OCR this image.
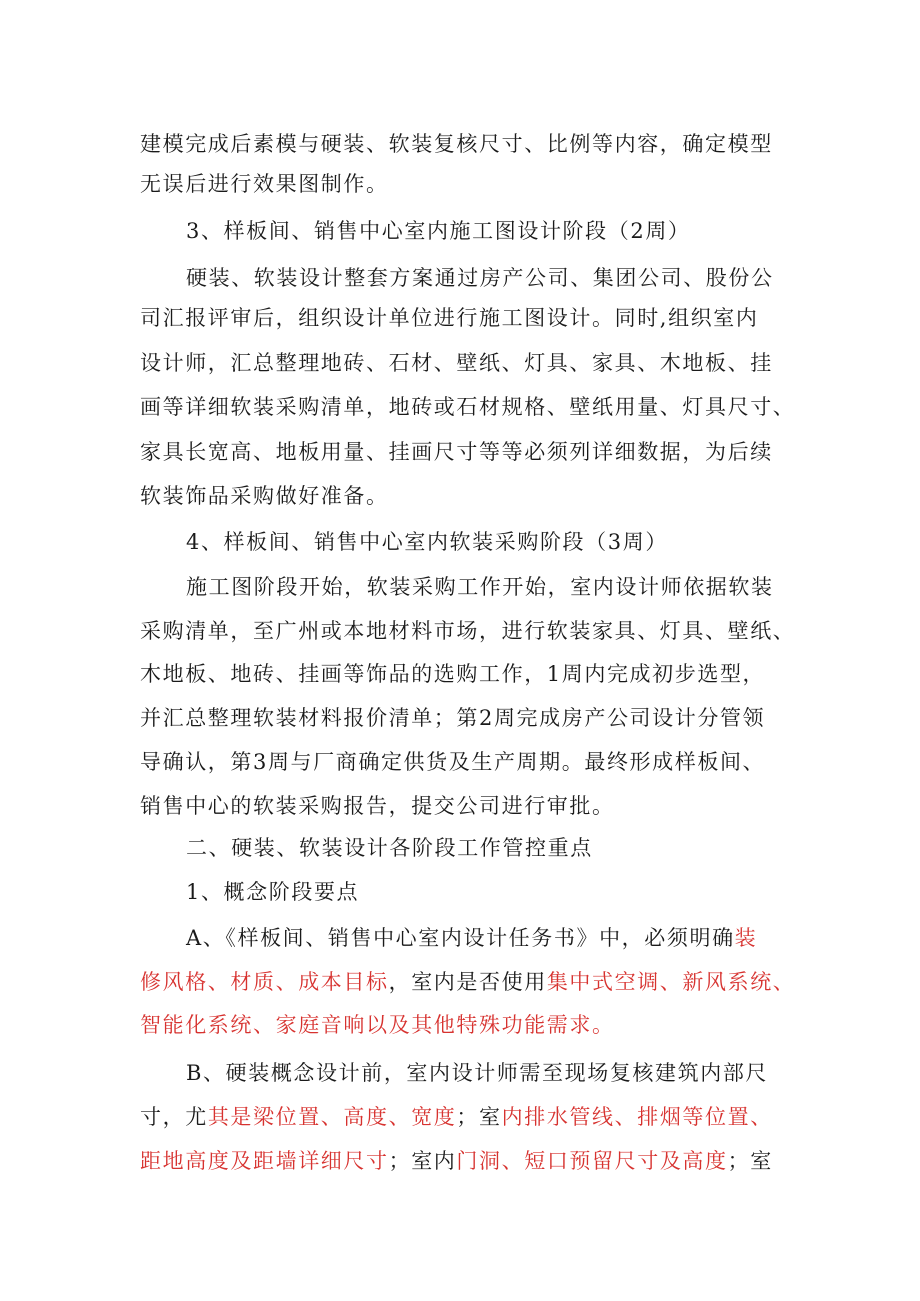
建模完成后素模与硬装、软装复核尺寸、比例等内容，确定模型
无误后进行效果图制作。
3、样板间、销售中心室内施工图设计阶段（2周）
硬装、软装设计整套方案通过房产公司、集团公司、股份公
司汇报评审后，组织设计单位进行施工图设计。同时,组织室内
设计师，汇总整理地砖、石材、壁纸、灯具、家具、木地板、挂
画等详细软装采购清单，地砖或石材规格、壁纸用量、灯具尺寸、
家具长宽高、地板用量、挂画尺寸等等必须列详细数据，为后续
软装饰品采购做好准备。
4、样板间、销售中心室内软装采购阶段（3周）
施工图阶段开始，软装采购工作开始，室内设计师依据软装
采购清单，至广州或本地材料市场，进行软装家具、灯具、壁纸、
木地板、地砖、挂画等饰品的选购工作，1周内完成初步选型，
并汇总整理软装材料报价清单；第2周完成房产公司设计分管领
导确认，第3周与厂商确定供货及生产周期。最终形成样板间、
销售中心的软装采购报告，提交公司进行审批。
二、硬装、软装设计各阶段工作管控重点
1、概念阶段要点
A、《样板间、销售中心室内设计任务书》中，必须明确装
修风格、材质、成本目标，室内是否使用集中式空调、新风系统、
智能化系统、家庭音响以及其他特殊功能需求。
B、硬装概念设计前，室内设计师需至现场复核建筑内部尺
寸，尤其是梁位置、高度、宽度；室内排水管线、排烟等位置、
距地高度及距墙详细尺寸；室内门洞、短口预留尺寸及高度；室
